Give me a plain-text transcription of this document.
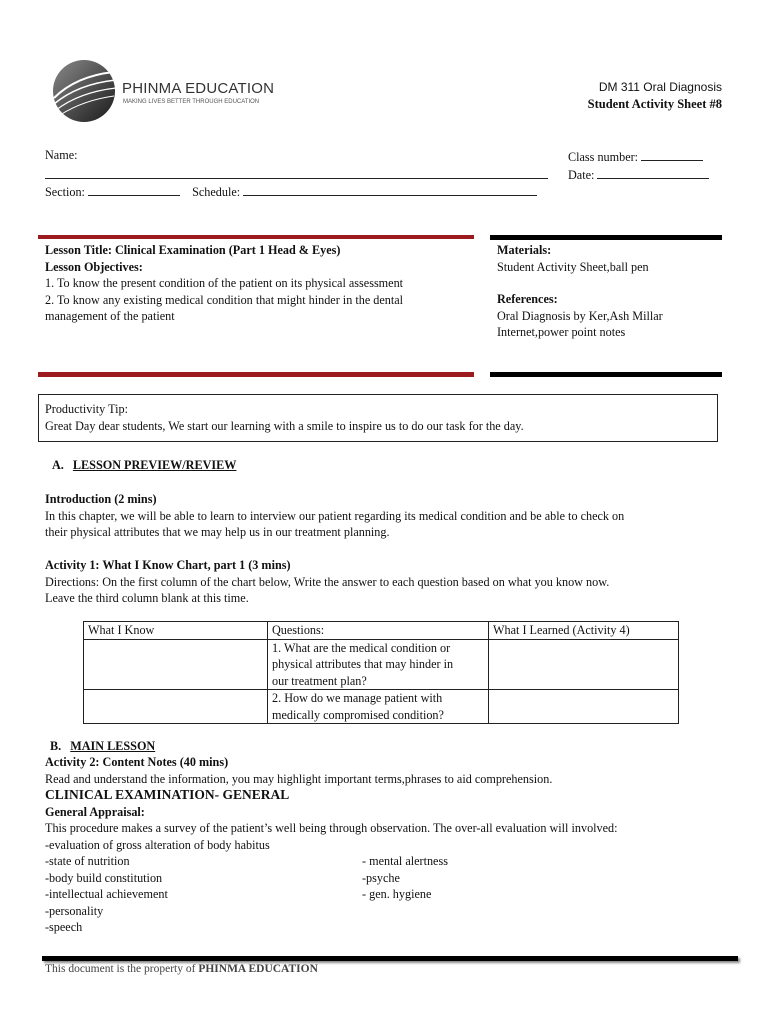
PHINMA EDUCATION
MAKING LIVES BETTER THROUGH EDUCATION
DM 311 Oral Diagnosis
Student Activity Sheet #8
Name:
Section:	Schedule:
Class number:
Date:
Lesson Title: Clinical Examination (Part 1 Head & Eyes)
Lesson Objectives:
1. To know the present condition of the patient on its physical assessment
2. To know any existing medical condition that might hinder in the dental
management of the patient
Materials:
Student Activity Sheet,ball pen
References:
Oral Diagnosis by Ker,Ash Millar
Internet,power point notes
Productivity Tip:
Great Day dear students, We start our learning with a smile to inspire us to do our task for the day.
A. LESSON PREVIEW/REVIEW
Introduction (2 mins)
In this chapter, we will be able to learn to interview our patient regarding its medical condition and be able to check on
their physical attributes that we may help us in our treatment planning.
Activity 1: What I Know Chart, part 1 (3 mins)
Directions: On the first column of the chart below, Write the answer to each question based on what you know now.
Leave the third column blank at this time.
What I Know	Questions:	What I Learned (Activity 4)

	1. What are the medical condition or
physical attributes that may hinder in
our treatment plan?	

	2. How do we manage patient with
medically compromised condition?	

B. MAIN LESSON
Activity 2: Content Notes (40 mins)
Read and understand the information, you may highlight important terms,phrases to aid comprehension.
CLINICAL EXAMINATION- GENERAL
General Appraisal:
This procedure makes a survey of the patient’s well being through observation. The over-all evaluation will involved:
-evaluation of gross alteration of body habitus
-state of nutrition
-body build constitution
-intellectual achievement
-personality
-speech
- mental alertness
-psyche
- gen. hygiene
This document is the property of PHINMA EDUCATION
